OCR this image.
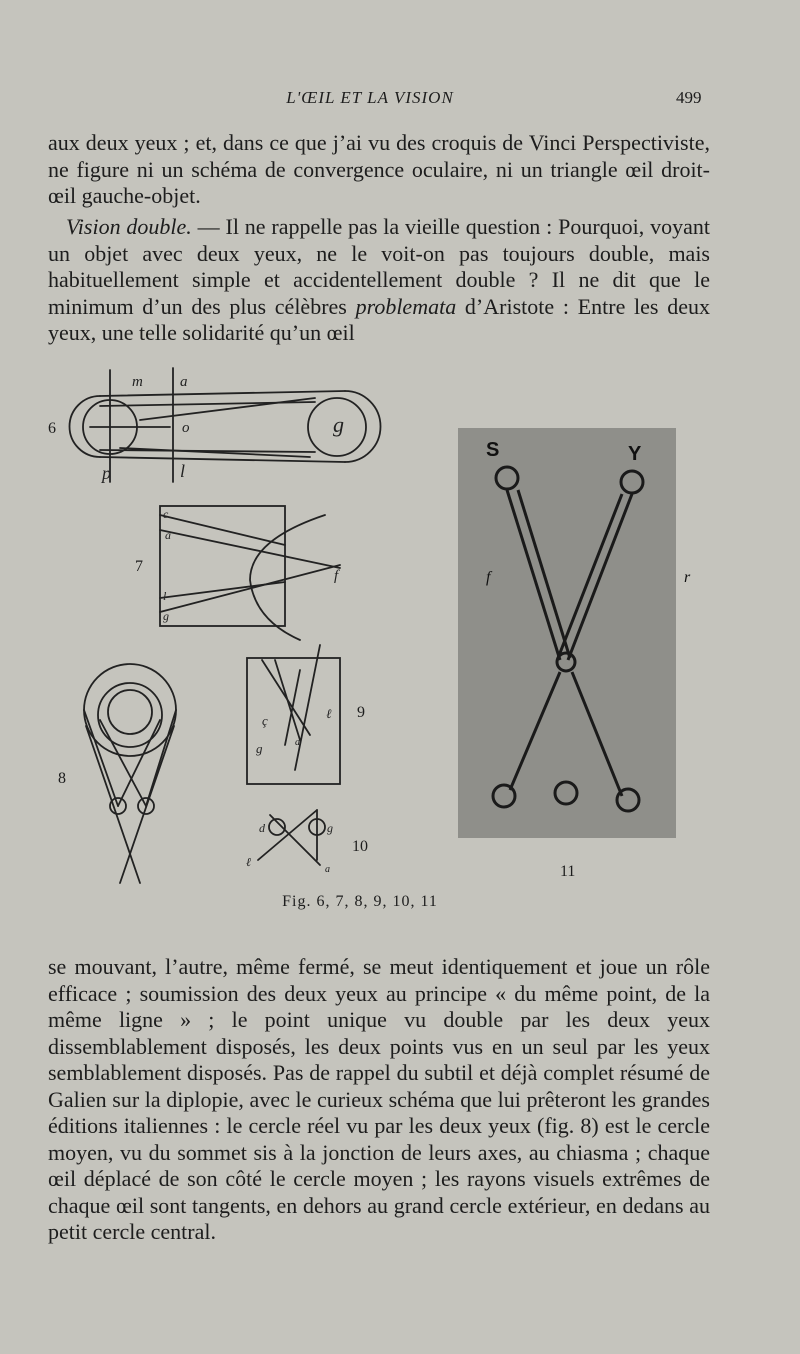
L'ŒIL ET LA VISION	499

aux deux yeux ; et, dans ce que j’ai vu des croquis de Vinci Perspectiviste, ne figure ni un schéma de convergence oculaire, ni un triangle œil droit-œil gauche-objet.

Vision double. — Il ne rappelle pas la vieille question : Pourquoi, voyant un objet avec deux yeux, ne le voit-on pas toujours double, mais habituellement simple et accidentellement double ? Il ne dit que le minimum d’un des plus célèbres problemata d’Aristote : Entre les deux yeux, une telle solidarité qu’un œil

m a
o	g
p	l
c
a
f
l
g
ç	ℓ
a
g
d	g
ℓ
a
S	Y
f	r
6
7
8
9
10
11
Fig. 6, 7, 8, 9, 10, 11

se mouvant, l’autre, même fermé, se meut identiquement et joue un rôle efficace ; soumission des deux yeux au principe « du même point, de la même ligne » ; le point unique vu double par les deux yeux dissemblablement disposés, les deux points vus en un seul par les yeux semblablement disposés. Pas de rappel du subtil et déjà complet résumé de Galien sur la diplopie, avec le curieux schéma que lui prêteront les grandes éditions italiennes : le cercle réel vu par les deux yeux (fig. 8) est le cercle moyen, vu du sommet sis à la jonction de leurs axes, au chiasma ; chaque œil déplacé de son côté le cercle moyen ; les rayons visuels extrêmes de chaque œil sont tangents, en dehors au grand cercle extérieur, en dedans au petit cercle central.
